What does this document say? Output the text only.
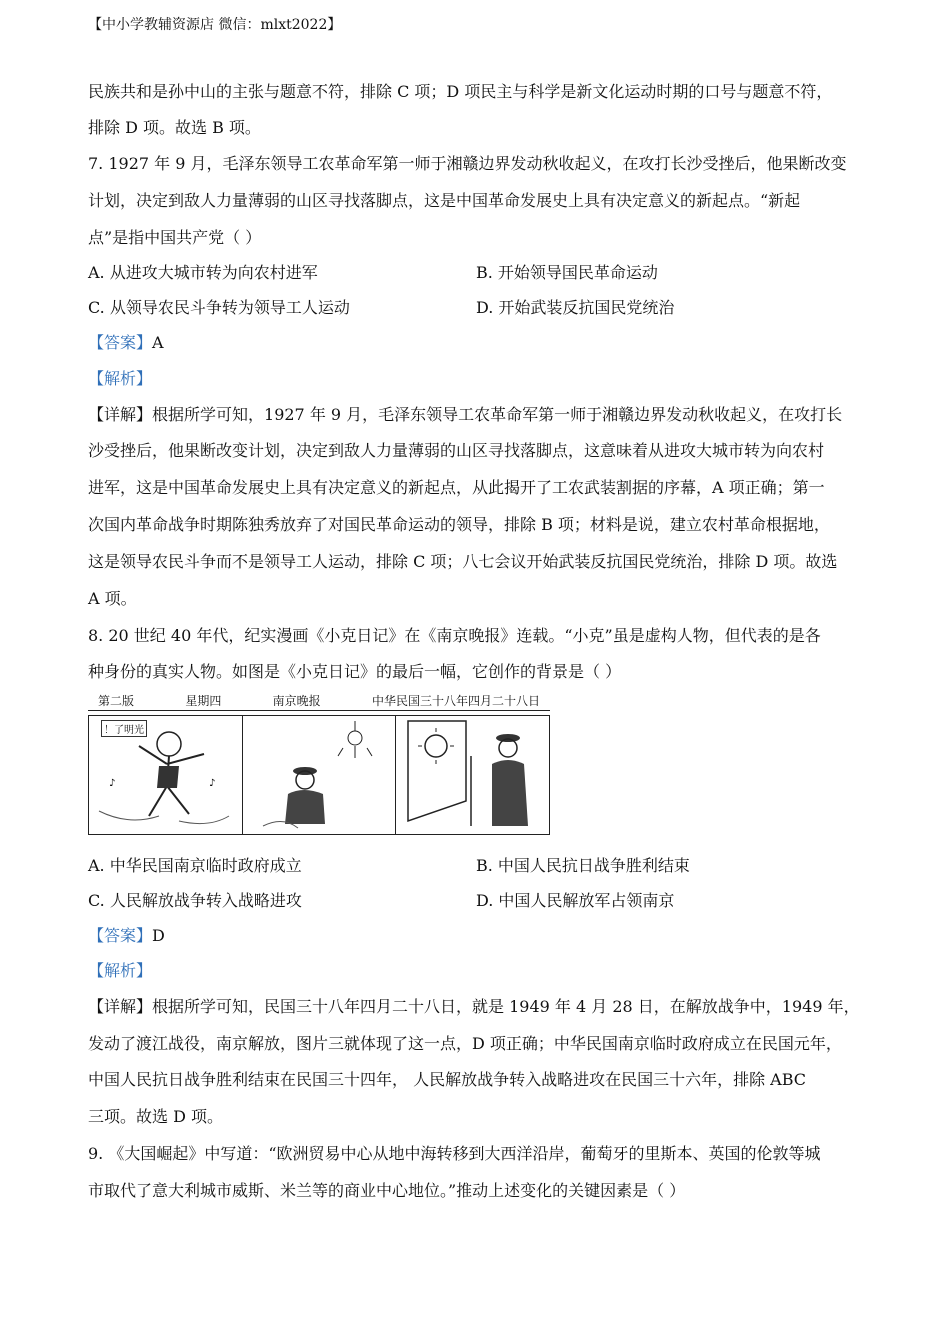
【中小学教辅资源店 微信：mlxt2022】
民族共和是孙中山的主张与题意不符，排除 C 项；D 项民主与科学是新文化运动时期的口号与题意不符，
排除 D 项。故选 B 项。
7. 1927 年 9 月，毛泽东领导工农革命军第一师于湘赣边界发动秋收起义，在攻打长沙受挫后，他果断改变
计划，决定到敌人力量薄弱的山区寻找落脚点，这是中国革命发展史上具有决定意义的新起点。“新起
点”是指中国共产党（ ）
A. 从进攻大城市转为向农村进军	B. 开始领导国民革命运动
C. 从领导农民斗争转为领导工人运动	D. 开始武装反抗国民党统治
【答案】A
【解析】
【详解】根据所学可知，1927 年 9 月，毛泽东领导工农革命军第一师于湘赣边界发动秋收起义，在攻打长
沙受挫后，他果断改变计划，决定到敌人力量薄弱的山区寻找落脚点，这意味着从进攻大城市转为向农村
进军，这是中国革命发展史上具有决定意义的新起点，从此揭开了工农武装割据的序幕，A 项正确；第一
次国内革命战争时期陈独秀放弃了对国民革命运动的领导，排除 B 项；材料是说，建立农村革命根据地，
这是领导农民斗争而不是领导工人运动，排除 C 项；八七会议开始武装反抗国民党统治，排除 D 项。故选
A 项。
8. 20 世纪 40 年代，纪实漫画《小克日记》在《南京晚报》连载。“小克”虽是虚构人物，但代表的是各
种身份的真实人物。如图是《小克日记》的最后一幅，它创作的背景是（ ）
第二版	星期四	南京晚报	中华民国三十八年四月二十八日
！了明光
♪	♪
A. 中华民国南京临时政府成立	B. 中国人民抗日战争胜利结束
C. 人民解放战争转入战略进攻	D. 中国人民解放军占领南京
【答案】D
【解析】
【详解】根据所学可知，民国三十八年四月二十八日，就是 1949 年 4 月 28 日，在解放战争中，1949 年，
发动了渡江战役，南京解放，图片三就体现了这一点，D 项正确；中华民国南京临时政府成立在民国元年，
中国人民抗日战争胜利结束在民国三十四年， 人民解放战争转入战略进攻在民国三十六年，排除 ABC
三项。故选 D 项。
9. 《大国崛起》中写道：“欧洲贸易中心从地中海转移到大西洋沿岸，葡萄牙的里斯本、英国的伦敦等城
市取代了意大利城市威斯、米兰等的商业中心地位。”推动上述变化的关键因素是（ ）
